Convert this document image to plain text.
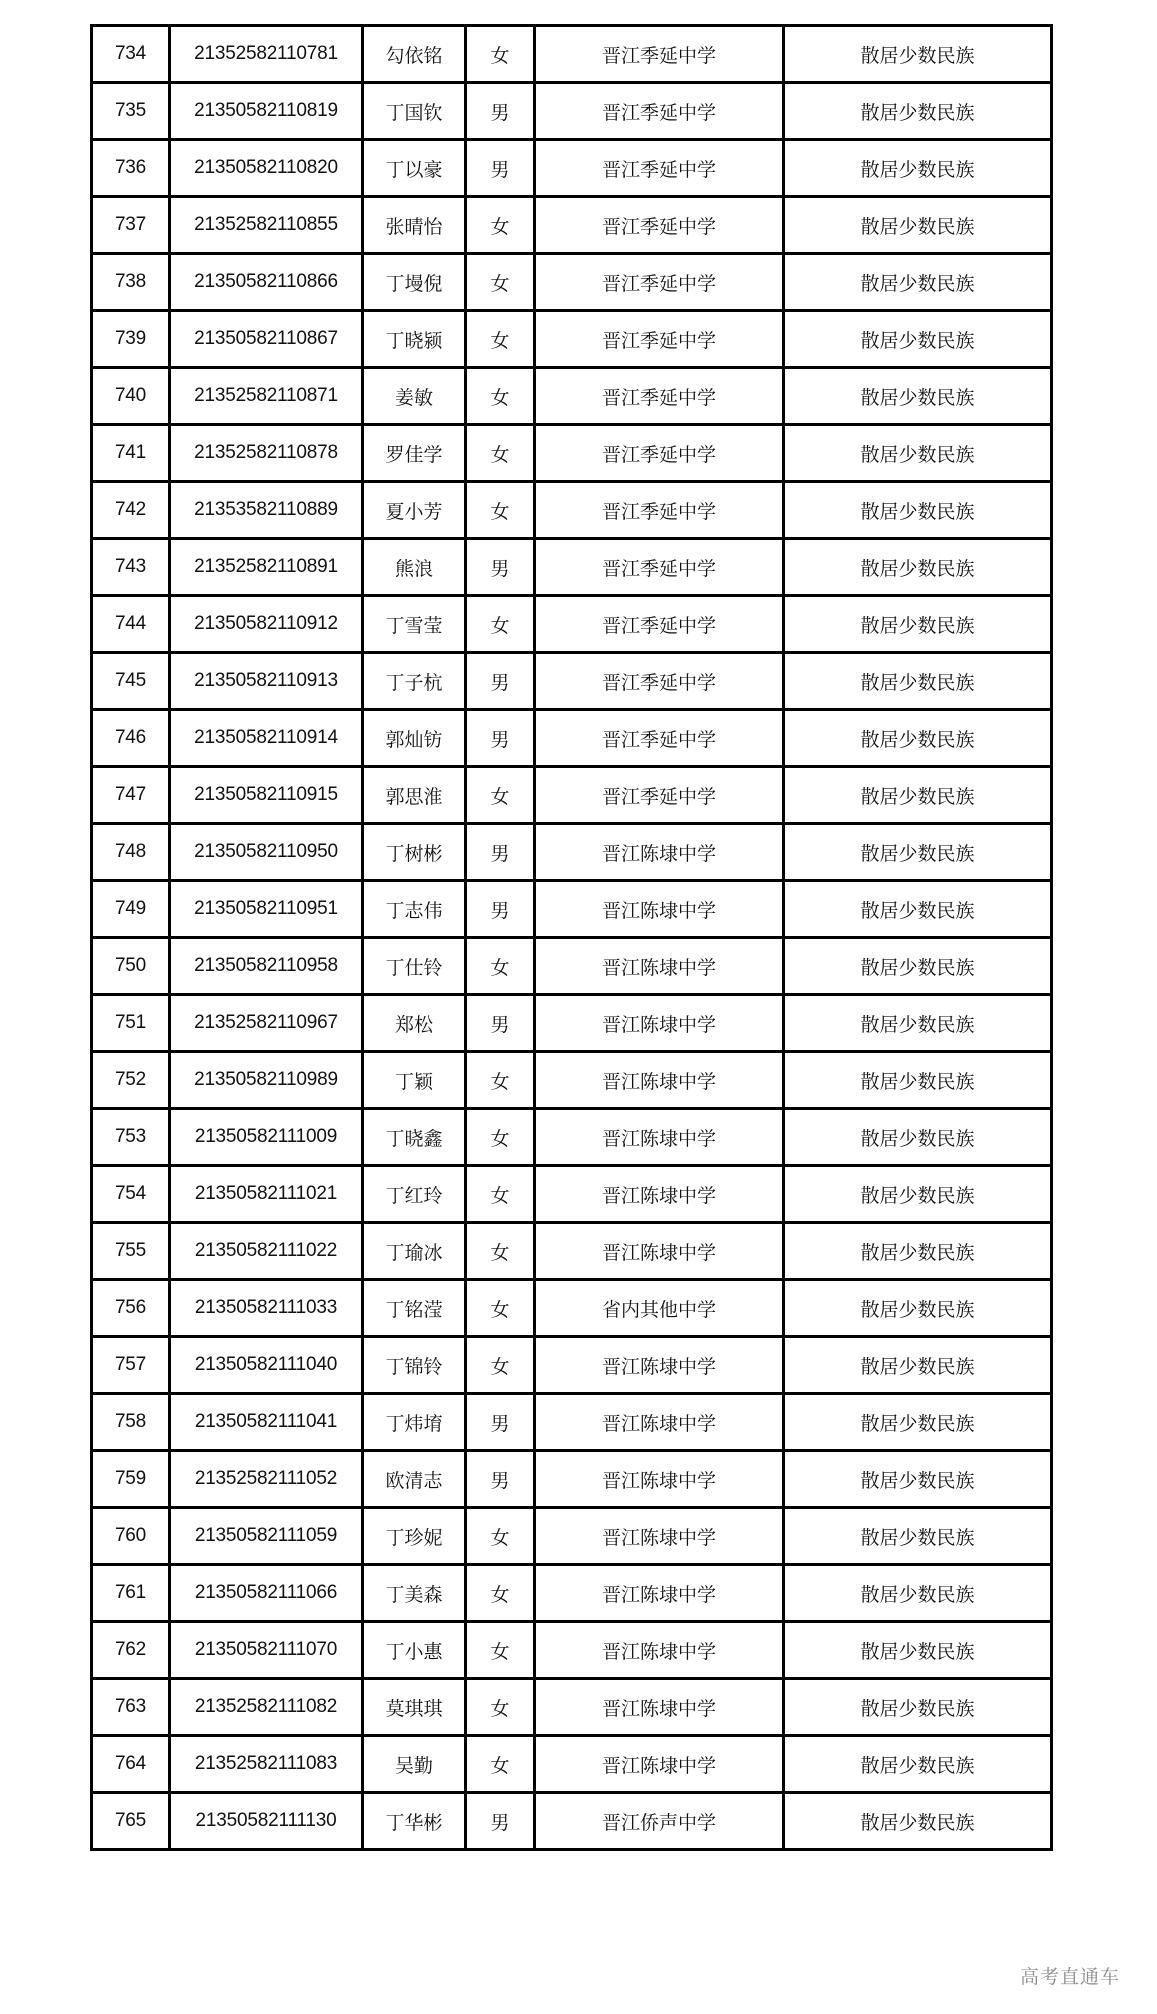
734	21352582110781	勾依铭	女	晋江季延中学	散居少数民族
735	21350582110819	丁国钦	男	晋江季延中学	散居少数民族
736	21350582110820	丁以豪	男	晋江季延中学	散居少数民族
737	21352582110855	张晴怡	女	晋江季延中学	散居少数民族
738	21350582110866	丁墁倪	女	晋江季延中学	散居少数民族
739	21350582110867	丁晓颍	女	晋江季延中学	散居少数民族
740	21352582110871	姜敏	女	晋江季延中学	散居少数民族
741	21352582110878	罗佳学	女	晋江季延中学	散居少数民族
742	21353582110889	夏小芳	女	晋江季延中学	散居少数民族
743	21352582110891	熊浪	男	晋江季延中学	散居少数民族
744	21350582110912	丁雪莹	女	晋江季延中学	散居少数民族
745	21350582110913	丁子杭	男	晋江季延中学	散居少数民族
746	21350582110914	郭灿钫	男	晋江季延中学	散居少数民族
747	21350582110915	郭思淮	女	晋江季延中学	散居少数民族
748	21350582110950	丁树彬	男	晋江陈埭中学	散居少数民族
749	21350582110951	丁志伟	男	晋江陈埭中学	散居少数民族
750	21350582110958	丁仕铃	女	晋江陈埭中学	散居少数民族
751	21352582110967	郑松	男	晋江陈埭中学	散居少数民族
752	21350582110989	丁颖	女	晋江陈埭中学	散居少数民族
753	21350582111009	丁晓鑫	女	晋江陈埭中学	散居少数民族
754	21350582111021	丁红玲	女	晋江陈埭中学	散居少数民族
755	21350582111022	丁瑜冰	女	晋江陈埭中学	散居少数民族
756	21350582111033	丁铭滢	女	省内其他中学	散居少数民族
757	21350582111040	丁锦铃	女	晋江陈埭中学	散居少数民族
758	21350582111041	丁炜堉	男	晋江陈埭中学	散居少数民族
759	21352582111052	欧清志	男	晋江陈埭中学	散居少数民族
760	21350582111059	丁珍妮	女	晋江陈埭中学	散居少数民族
761	21350582111066	丁美森	女	晋江陈埭中学	散居少数民族
762	21350582111070	丁小惠	女	晋江陈埭中学	散居少数民族
763	21352582111082	莫琪琪	女	晋江陈埭中学	散居少数民族
764	21352582111083	吴勤	女	晋江陈埭中学	散居少数民族
765	21350582111130	丁华彬	男	晋江侨声中学	散居少数民族
高考直通车
